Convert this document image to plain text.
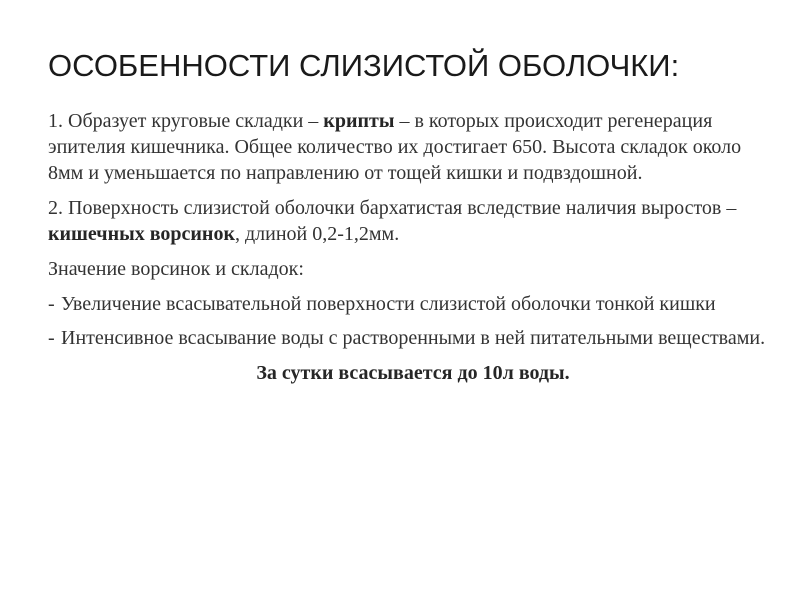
ОСОБЕННОСТИ СЛИЗИСТОЙ ОБОЛОЧКИ:

1. Образует круговые складки – крипты – в которых происходит регенерация эпителия кишечника. Общее количество их достигает 650. Высота складок около 8мм и уменьшается по направлению от тощей кишки и подвздошной.

2. Поверхность слизистой оболочки бархатистая вследствие наличия выростов – кишечных ворсинок, длиной 0,2-1,2мм.

Значение ворсинок и складок:

- Увеличение всасывательной поверхности слизистой оболочки тонкой кишки
- Интенсивное всасывание воды с растворенными в ней питательными веществами.

За сутки всасывается до 10л воды.
